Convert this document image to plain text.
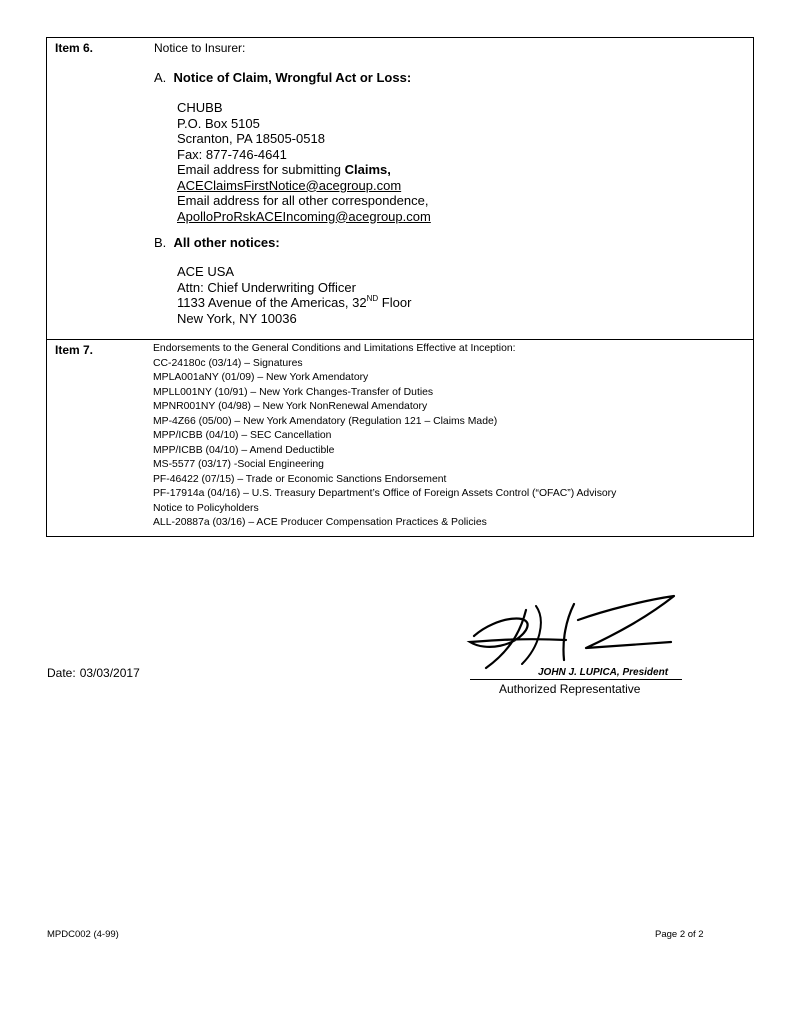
Item 6.	Notice to Insurer:
A. Notice of Claim, Wrongful Act or Loss:
CHUBB
P.O. Box 5105
Scranton, PA 18505-0518
Fax: 877-746-4641
Email address for submitting Claims,
ACEClaimsFirstNotice@acegroup.com
Email address for all other correspondence,
ApolloProRskACEIncoming@acegroup.com
B. All other notices:
ACE USA
Attn: Chief Underwriting Officer
1133 Avenue of the Americas, 32ND Floor
New York, NY 10036
Item 7.	Endorsements to the General Conditions and Limitations Effective at Inception:
CC-24180c (03/14) – Signatures
MPLA001aNY (01/09) – New York Amendatory
MPLL001NY (10/91) – New York Changes-Transfer of Duties
MPNR001NY (04/98) – New York NonRenewal Amendatory
MP-4Z66 (05/00) – New York Amendatory (Regulation 121 – Claims Made)
MPP/ICBB (04/10) – SEC Cancellation
MPP/ICBB (04/10) – Amend Deductible
MS-5577 (03/17) -Social Engineering
PF-46422 (07/15) – Trade or Economic Sanctions Endorsement
PF-17914a (04/16) – U.S. Treasury Department’s Office of Foreign Assets Control (“OFAC”) Advisory
Notice to Policyholders
ALL-20887a (03/16) – ACE Producer Compensation Practices & Policies
Date: 03/03/2017	JOHN J. LUPICA, President
Authorized Representative
MPDC002 (4-99)	Page 2 of 2
